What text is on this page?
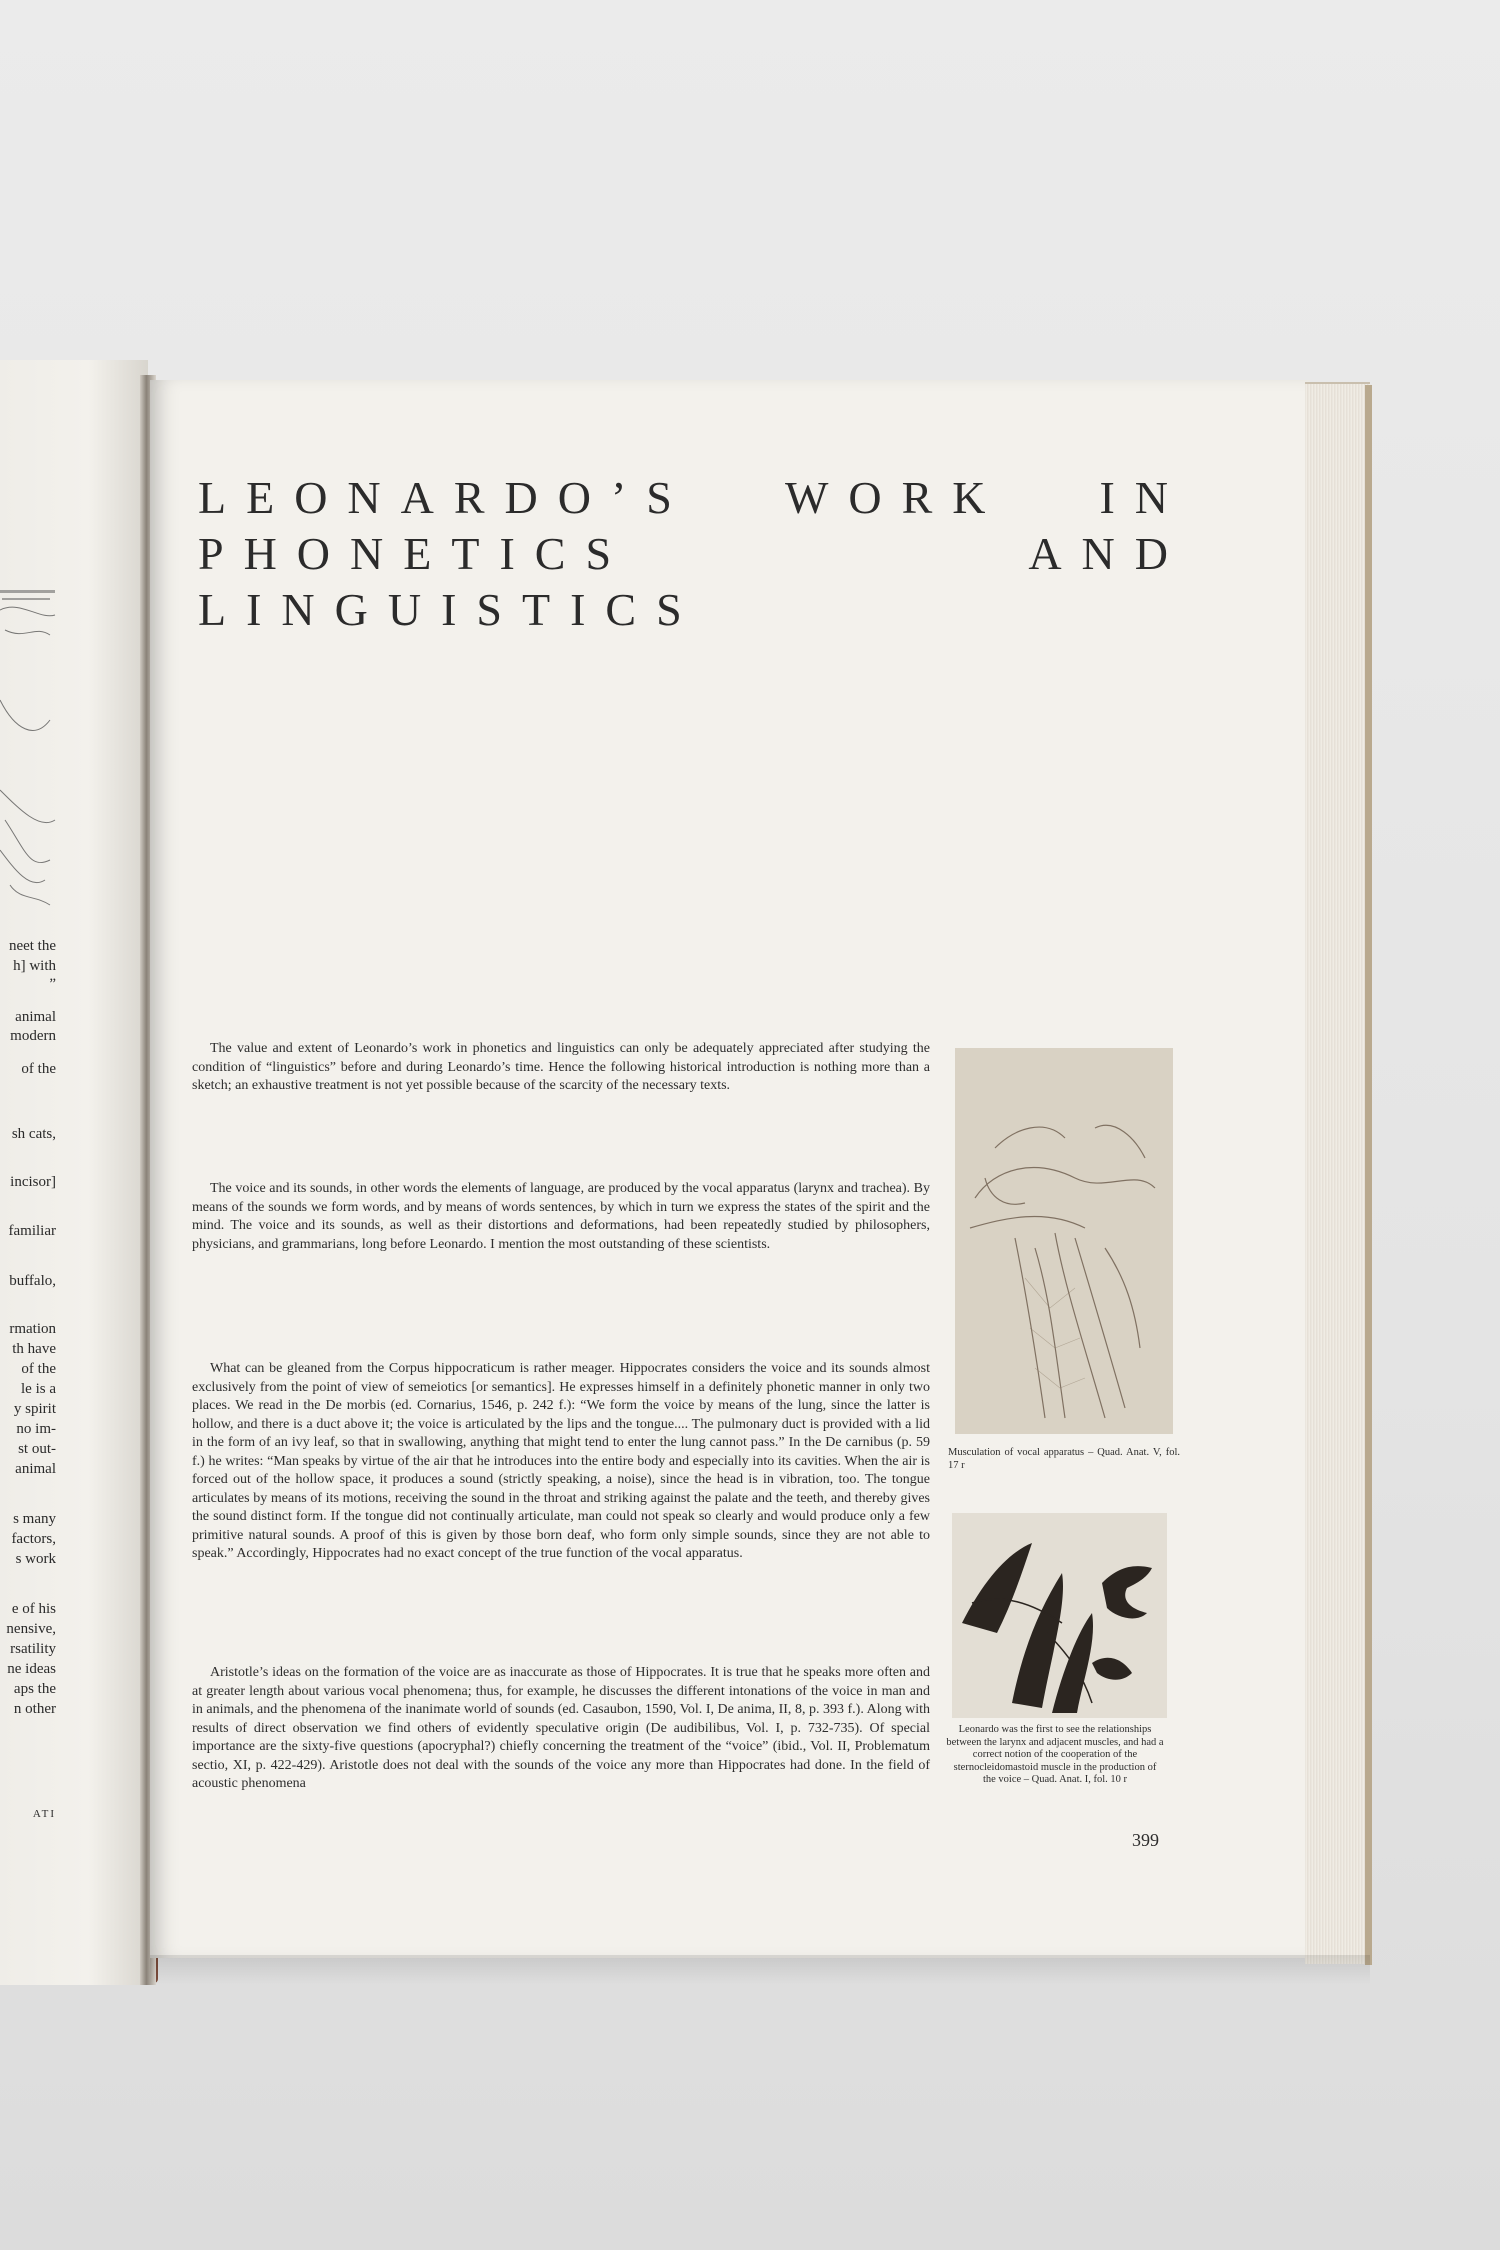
neet the
h] with
”
animal
modern
of the
sh cats,
incisor]
familiar
buffalo,
rmation
th have
of the
le is a
y spirit
no im-
st out-
animal
s many
factors,
s work
e of his
nensive,
rsatility
ne ideas
aps the
n other
ATI
LEONARDO’S WORK IN
PHONETICS AND LINGUISTICS

The value and extent of Leonardo’s work in phonetics and linguistics can only be adequately appreciated after studying the condition of “linguistics” before and during Leonardo’s time. Hence the following historical introduction is nothing more than a sketch; an exhaustive treatment is not yet possible because of the scarcity of the necessary texts.

The voice and its sounds, in other words the elements of language, are produced by the vocal apparatus (larynx and trachea). By means of the sounds we form words, and by means of words sentences, by which in turn we express the states of the spirit and the mind. The voice and its sounds, as well as their distortions and deformations, had been repeatedly studied by philosophers, physicians, and grammarians, long before Leonardo. I mention the most outstanding of these scientists.

What can be gleaned from the Corpus hippocraticum is rather meager. Hippocrates considers the voice and its sounds almost exclusively from the point of view of semeiotics [or semantics]. He expresses himself in a definitely phonetic manner in only two places. We read in the De morbis (ed. Cornarius, 1546, p. 242 f.): “We form the voice by means of the lung, since the latter is hollow, and there is a duct above it; the voice is articulated by the lips and the tongue.... The pulmonary duct is provided with a lid in the form of an ivy leaf, so that in swallowing, anything that might tend to enter the lung cannot pass.” In the De carnibus (p. 59 f.) he writes: “Man speaks by virtue of the air that he introduces into the entire body and especially into its cavities. When the air is forced out of the hollow space, it produces a sound (strictly speaking, a noise), since the head is in vibration, too. The tongue articulates by means of its motions, receiving the sound in the throat and striking against the palate and the teeth, and thereby gives the sound distinct form. If the tongue did not continually articulate, man could not speak so clearly and would produce only a few primitive natural sounds. A proof of this is given by those born deaf, who form only simple sounds, since they are not able to speak.” Accordingly, Hippocrates had no exact concept of the true function of the vocal apparatus.

Aristotle’s ideas on the formation of the voice are as inaccurate as those of Hippocrates. It is true that he speaks more often and at greater length about various vocal phenomena; thus, for example, he discusses the different intonations of the voice in man and in animals, and the phenomena of the inanimate world of sounds (ed. Casaubon, 1590, Vol. I, De anima, II, 8, p. 393 f.). Along with results of direct observation we find others of evidently speculative origin (De audibilibus, Vol. I, p. 732-735). Of special importance are the sixty-five questions (apocryphal?) chiefly concerning the treatment of the “voice” (ibid., Vol. II, Problematum sectio, XI, p. 422-429). Aristotle does not deal with the sounds of the voice any more than Hippocrates had done. In the field of acoustic phenomena

Musculation of vocal apparatus – Quad. Anat. V, fol. 17 r
Leonardo was the first to see the relationships between the larynx and adjacent muscles, and had a correct notion of the cooperation of the sternocleidomastoid muscle in the production of the voice – Quad. Anat. I, fol. 10 r
399
